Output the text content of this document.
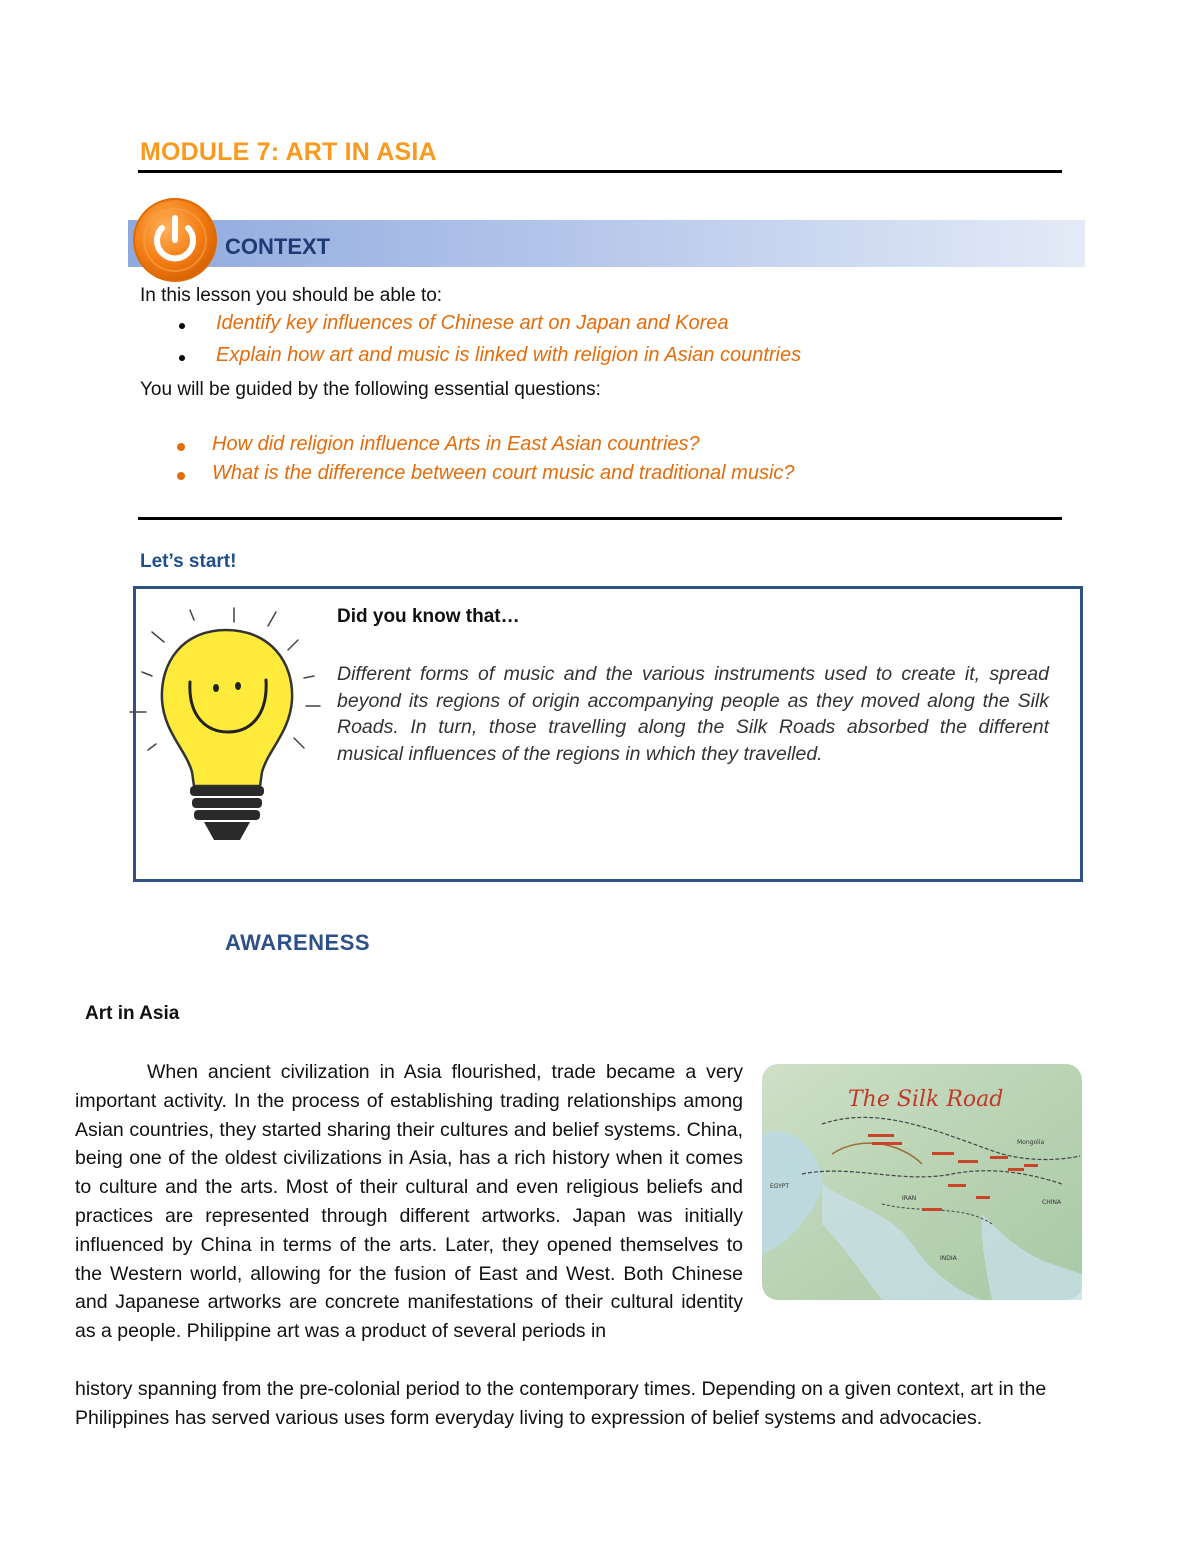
MODULE 7: ART IN ASIA
CONTEXT
In this lesson you should be able to:
Identify key influences of Chinese art on Japan and Korea
Explain how art and music is linked with religion in Asian countries
You will be guided by the following essential questions:
How did religion influence Arts in East Asian countries?
What is the difference between court music and traditional music?
Let’s start!
Did you know that…
Different forms of music and the various instruments used to create it, spread beyond its regions of origin accompanying people as they moved along the Silk Roads. In turn, those travelling along the Silk Roads absorbed the different musical influences of the regions in which they travelled.
AWARENESS
Art in Asia
When ancient civilization in Asia flourished, trade became a very important activity. In the process of establishing trading relationships among Asian countries, they started sharing their cultures and belief systems. China, being one of the oldest civilizations in Asia, has a rich history when it comes to culture and the arts. Most of their cultural and even religious beliefs and practices are represented through different artworks. Japan was initially influenced by China in terms of the arts. Later, they opened themselves to the Western world, allowing for the fusion of East and West. Both Chinese and Japanese artworks are concrete manifestations of their cultural identity as a people. Philippine art was a product of several periods in
history spanning from the pre-colonial period to the contemporary times. Depending on a given context, art in the Philippines has served various uses form everyday living to expression of belief systems and advocacies.
The Silk Road
Mongolia
CHINA
INDIA
IRAN
EGYPT
